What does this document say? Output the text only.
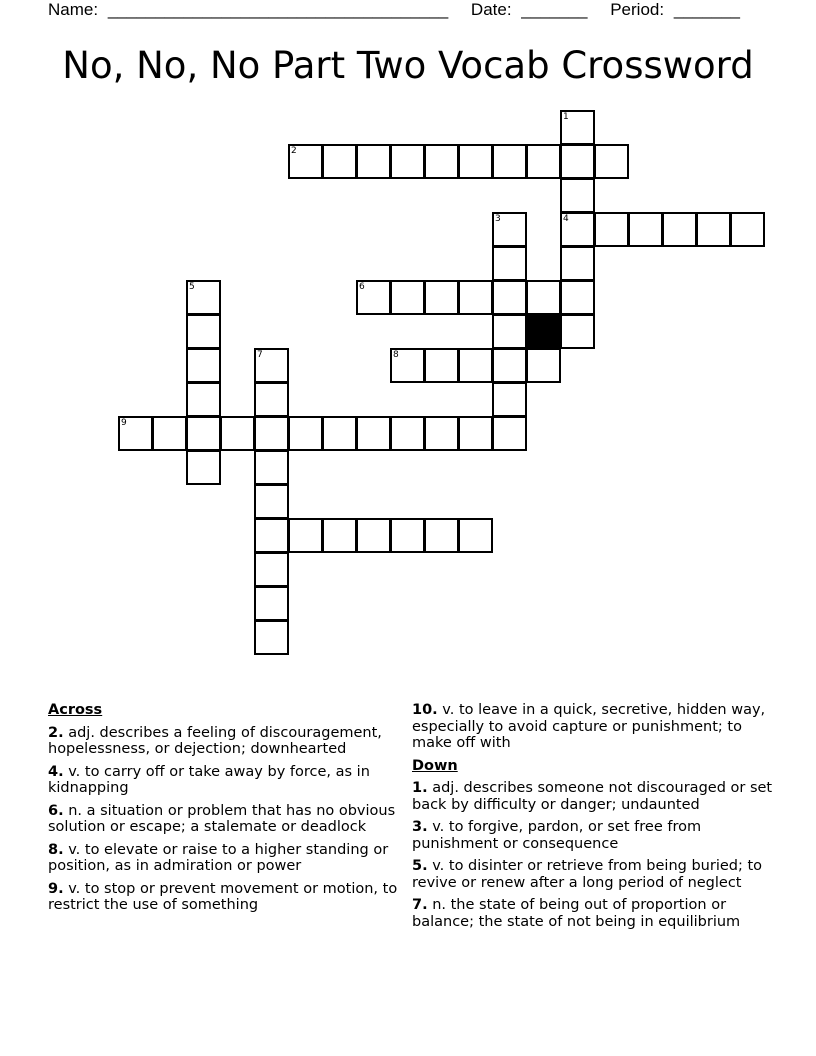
Name: ____________________________________ Date: _______ Period: _______
No, No, No Part Two Vocab Crossword
1
4
2
3
6
5
7	8
9
Across
2. adj. describes a feeling of discouragement, hopelessness, or dejection; downhearted
4. v. to carry off or take away by force, as in kidnapping
6. n. a situation or problem that has no obvious solution or escape; a stalemate or deadlock
8. v. to elevate or raise to a higher standing or position, as in admiration or power
9. v. to stop or prevent movement or motion, to restrict the use of something
10. v. to leave in a quick, secretive, hidden way, especially to avoid capture or punishment; to make off with
Down
1. adj. describes someone not discouraged or set back by difficulty or danger; undaunted
3. v. to forgive, pardon, or set free from punishment or consequence
5. v. to disinter or retrieve from being buried; to revive or renew after a long period of neglect
7. n. the state of being out of proportion or balance; the state of not being in equilibrium
